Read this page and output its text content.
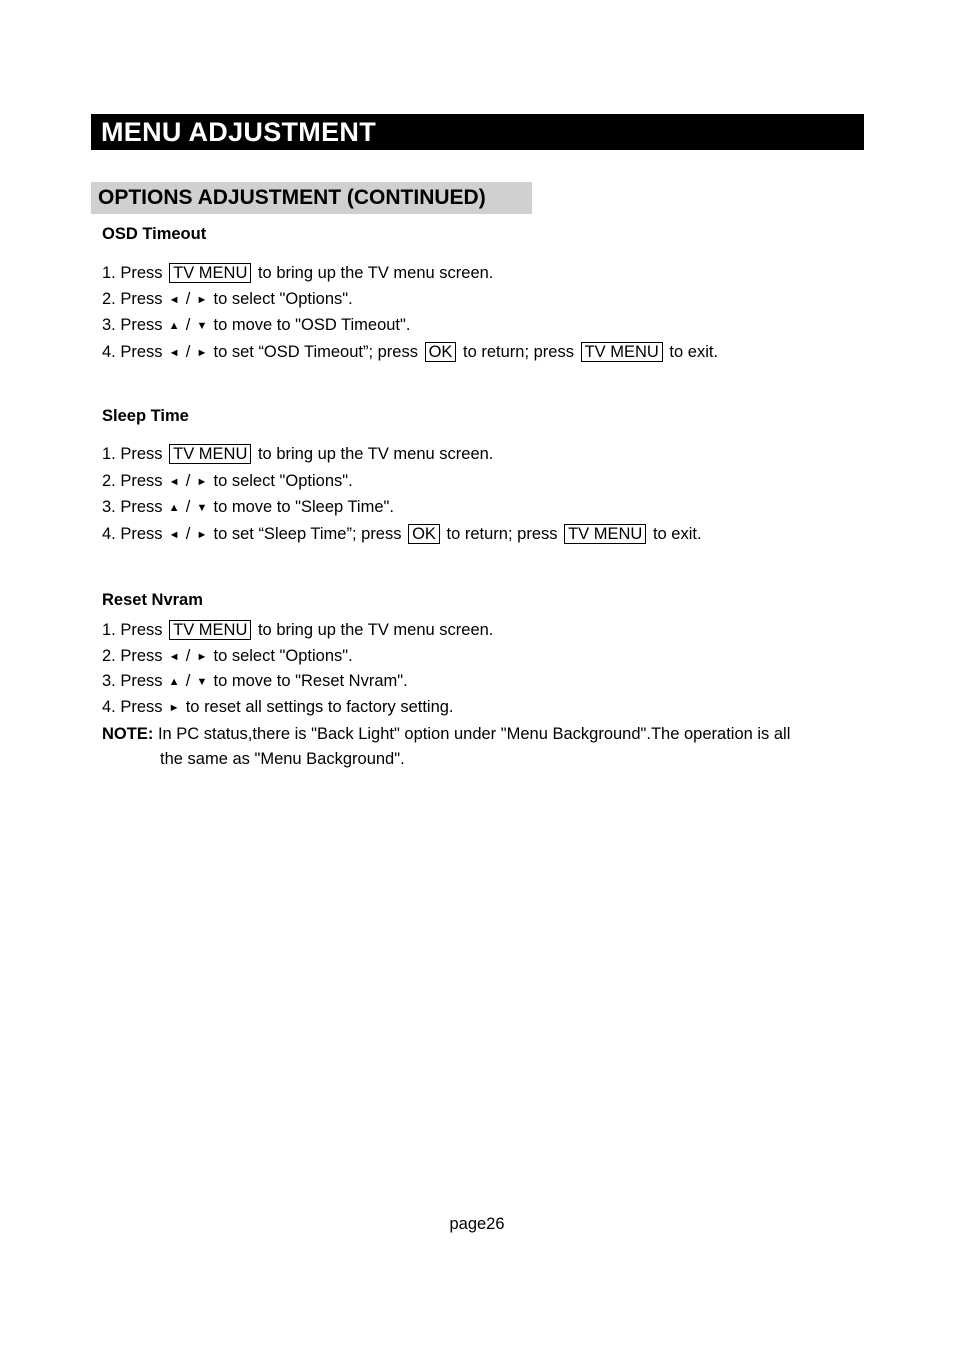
MENU ADJUSTMENT
OPTIONS ADJUSTMENT (CONTINUED)
OSD Timeout
1. Press TV MENU to bring up the TV menu screen.
2. Press ◄ / ► to select "Options".
3. Press ▲ / ▼ to move to "OSD Timeout".
4. Press ◄ / ► to set “OSD Timeout”; press OK to return; press TV MENU to exit.
Sleep Time
1. Press TV MENU to bring up the TV menu screen.
2. Press ◄ / ► to select "Options".
3. Press ▲ / ▼ to move to "Sleep Time".
4. Press ◄ / ► to set “Sleep Time”; press OK to return; press TV MENU to exit.
Reset Nvram
1. Press TV MENU to bring up the TV menu screen.
2. Press ◄ / ► to select "Options".
3. Press ▲ / ▼ to move to "Reset Nvram".
4. Press ► to reset all settings to factory setting.
NOTE: In PC status,there is "Back Light" option under "Menu Background".The operation is all
the same as "Menu Background".
page26
